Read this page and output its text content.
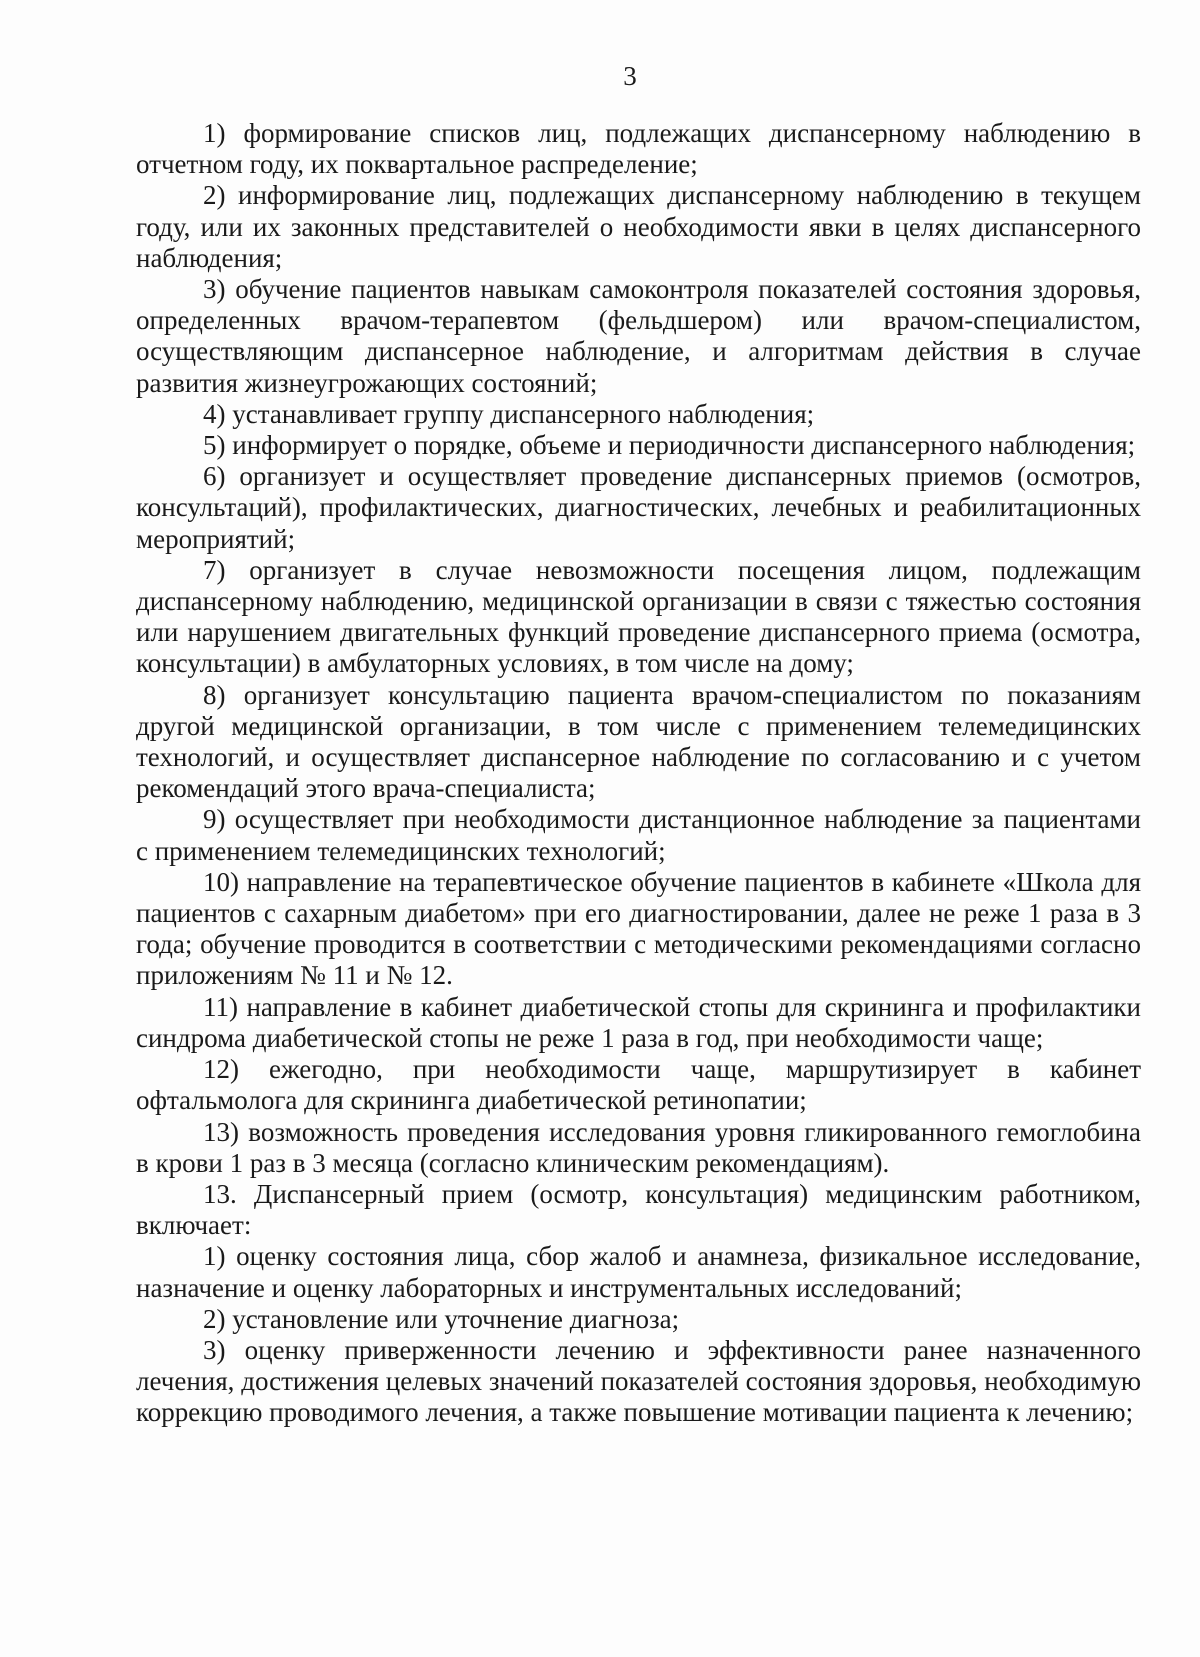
3

1) формирование списков лиц, подлежащих диспансерному наблюдению в отчетном году, их поквартальное распределение;

2) информирование лиц, подлежащих диспансерному наблюдению в текущем году, или их законных представителей о необходимости явки в целях диспансерного наблюдения;

3) обучение пациентов навыкам самоконтроля показателей состояния здоровья, определенных врачом-терапевтом (фельдшером) или врачом-специалистом, осуществляющим диспансерное наблюдение, и алгоритмам действия в случае развития жизнеугрожающих состояний;

4) устанавливает группу диспансерного наблюдения;

5) информирует о порядке, объеме и периодичности диспансерного наблюдения;

6) организует и осуществляет проведение диспансерных приемов (осмотров, консультаций), профилактических, диагностических, лечебных и реабилитационных мероприятий;

7) организует в случае невозможности посещения лицом, подлежащим диспансерному наблюдению, медицинской организации в связи с тяжестью состояния или нарушением двигательных функций проведение диспансерного приема (осмотра, консультации) в амбулаторных условиях, в том числе на дому;

8) организует консультацию пациента врачом-специалистом по показаниям другой медицинской организации, в том числе с применением телемедицинских технологий, и осуществляет диспансерное наблюдение по согласованию и с учетом рекомендаций этого врача-специалиста;

9) осуществляет при необходимости дистанционное наблюдение за пациентами с применением телемедицинских технологий;

10) направление на терапевтическое обучение пациентов в кабинете «Школа для пациентов с сахарным диабетом» при его диагностировании, далее не реже 1 раза в 3 года; обучение проводится в соответствии с методическими рекомендациями согласно приложениям № 11 и № 12.

11) направление в кабинет диабетической стопы для скрининга и профилактики синдрома диабетической стопы не реже 1 раза в год, при необходимости чаще;

12) ежегодно, при необходимости чаще, маршрутизирует в кабинет офтальмолога для скрининга диабетической ретинопатии;

13) возможность проведения исследования уровня гликированного гемоглобина в крови 1 раз в 3 месяца (согласно клиническим рекомендациям).

13. Диспансерный прием (осмотр, консультация) медицинским работником, включает:

1) оценку состояния лица, сбор жалоб и анамнеза, физикальное исследование, назначение и оценку лабораторных и инструментальных исследований;

2) установление или уточнение диагноза;

3) оценку приверженности лечению и эффективности ранее назначенного лечения, достижения целевых значений показателей состояния здоровья, необходимую коррекцию проводимого лечения, а также повышение мотивации пациента к лечению;
